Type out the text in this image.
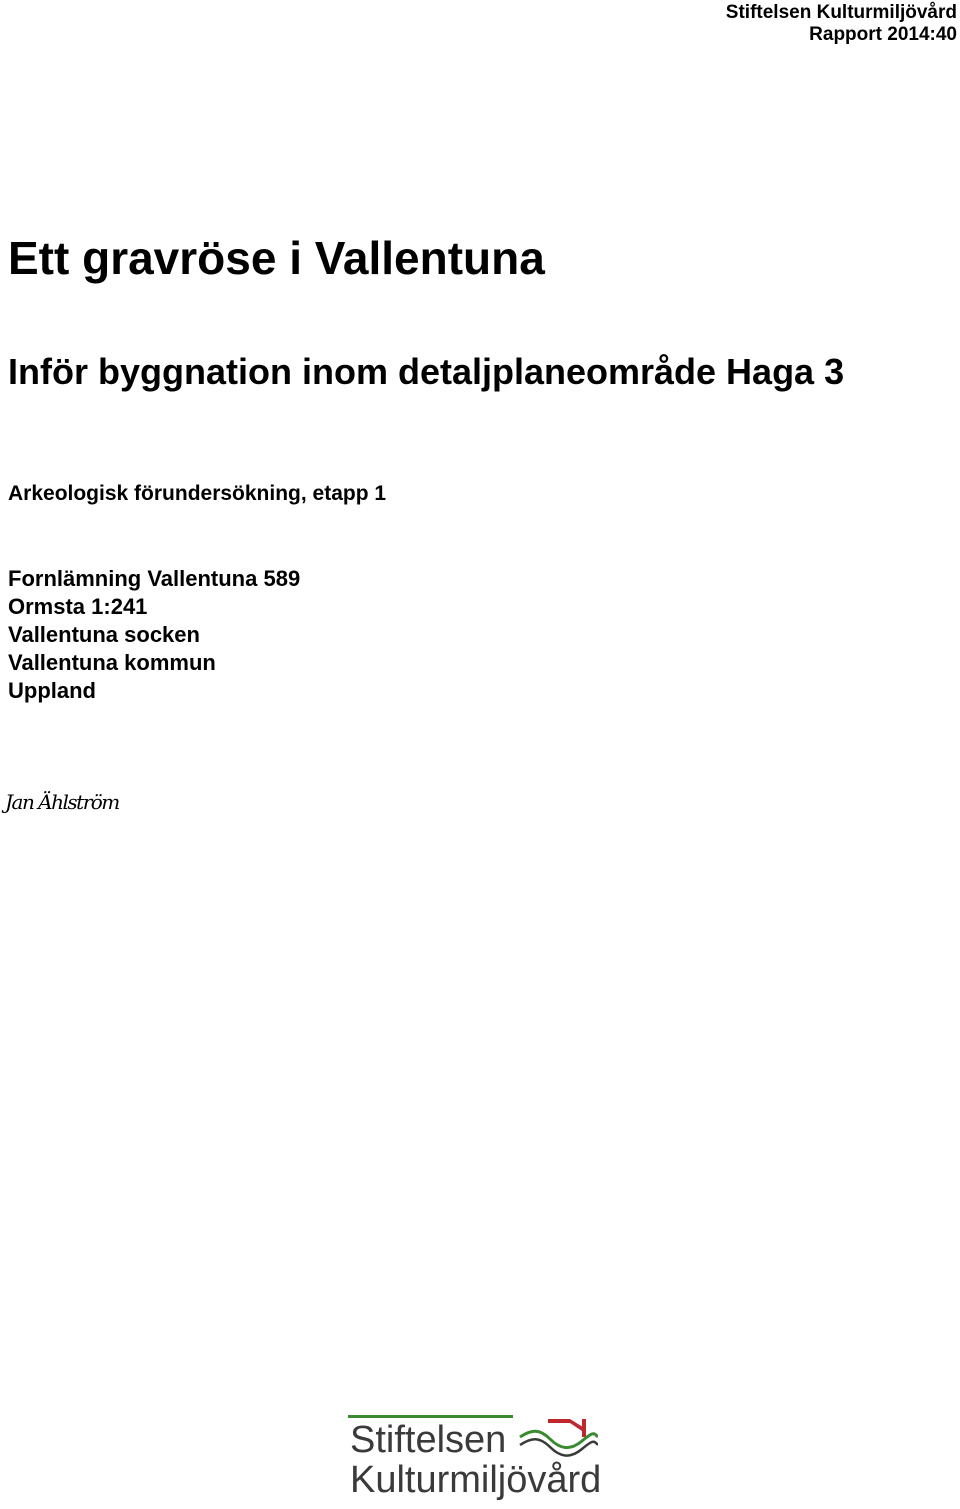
Stiftelsen Kulturmiljövård
Rapport 2014:40
Ett gravröse i Vallentuna
Inför byggnation inom detaljplaneområde Haga 3
Arkeologisk förundersökning, etapp 1
Fornlämning Vallentuna 589
Ormsta 1:241
Vallentuna socken
Vallentuna kommun
Uppland
Jan Ählström
Stiftelsen
Kulturmiljövård
